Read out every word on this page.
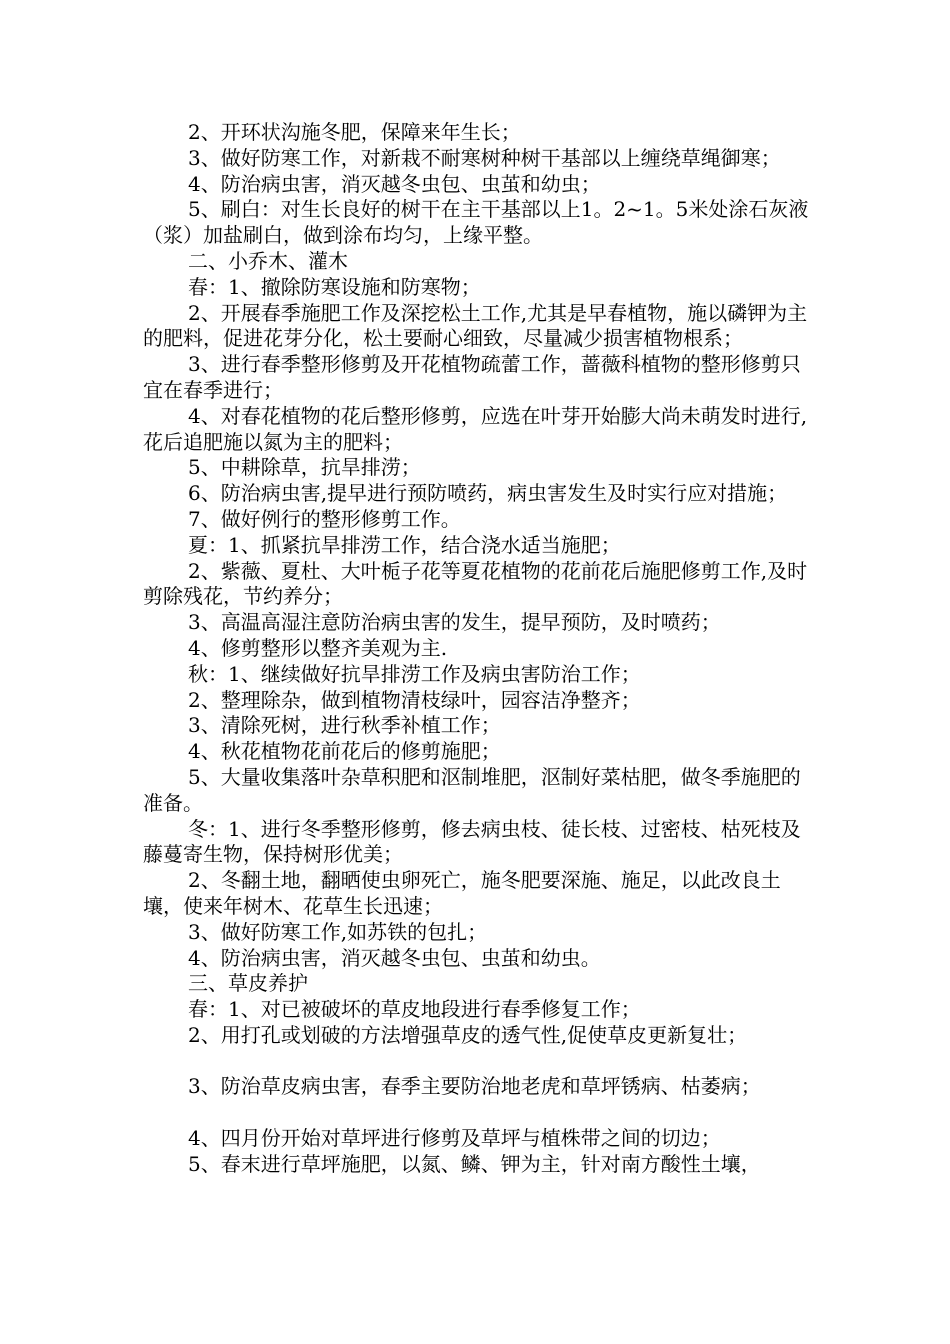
2、开环状沟施冬肥，保障来年生长；

3、做好防寒工作，对新栽不耐寒树种树干基部以上缠绕草绳御寒；

4、防治病虫害，消灭越冬虫包、虫茧和幼虫；

5、刷白：对生长良好的树干在主干基部以上1。2~1。5米处涂石灰液（浆）加盐刷白，做到涂布均匀，上缘平整。

二、小乔木、灌木

春：1、撤除防寒设施和防寒物；

2、开展春季施肥工作及深挖松土工作,尤其是早春植物，施以磷钾为主的肥料，促进花芽分化，松土要耐心细致，尽量减少损害植物根系；

3、进行春季整形修剪及开花植物疏蕾工作，蔷薇科植物的整形修剪只宜在春季进行；

4、对春花植物的花后整形修剪，应选在叶芽开始膨大尚未萌发时进行,花后追肥施以氮为主的肥料；

5、中耕除草，抗旱排涝；

6、防治病虫害,提早进行预防喷药，病虫害发生及时实行应对措施；

7、做好例行的整形修剪工作。

夏：1、抓紧抗旱排涝工作，结合浇水适当施肥；

2、紫薇、夏杜、大叶栀子花等夏花植物的花前花后施肥修剪工作,及时剪除残花，节约养分；

3、高温高湿注意防治病虫害的发生，提早预防，及时喷药；

4、修剪整形以整齐美观为主.

秋：1、继续做好抗旱排涝工作及病虫害防治工作；

2、整理除杂，做到植物清枝绿叶，园容洁净整齐；

3、清除死树，进行秋季补植工作；

4、秋花植物花前花后的修剪施肥；

5、大量收集落叶杂草积肥和沤制堆肥，沤制好菜枯肥，做冬季施肥的准备。

冬：1、进行冬季整形修剪，修去病虫枝、徒长枝、过密枝、枯死枝及藤蔓寄生物，保持树形优美；

2、冬翻土地，翻晒使虫卵死亡，施冬肥要深施、施足，以此改良土壤，使来年树木、花草生长迅速；

3、做好防寒工作,如苏铁的包扎；

4、防治病虫害，消灭越冬虫包、虫茧和幼虫。

三、草皮养护

春：1、对已被破坏的草皮地段进行春季修复工作；

2、用打孔或划破的方法增强草皮的透气性,促使草皮更新复壮；

3、防治草皮病虫害，春季主要防治地老虎和草坪锈病、枯萎病；

4、四月份开始对草坪进行修剪及草坪与植株带之间的切边；

5、春末进行草坪施肥，以氮、鳞、钾为主，针对南方酸性土壤，
